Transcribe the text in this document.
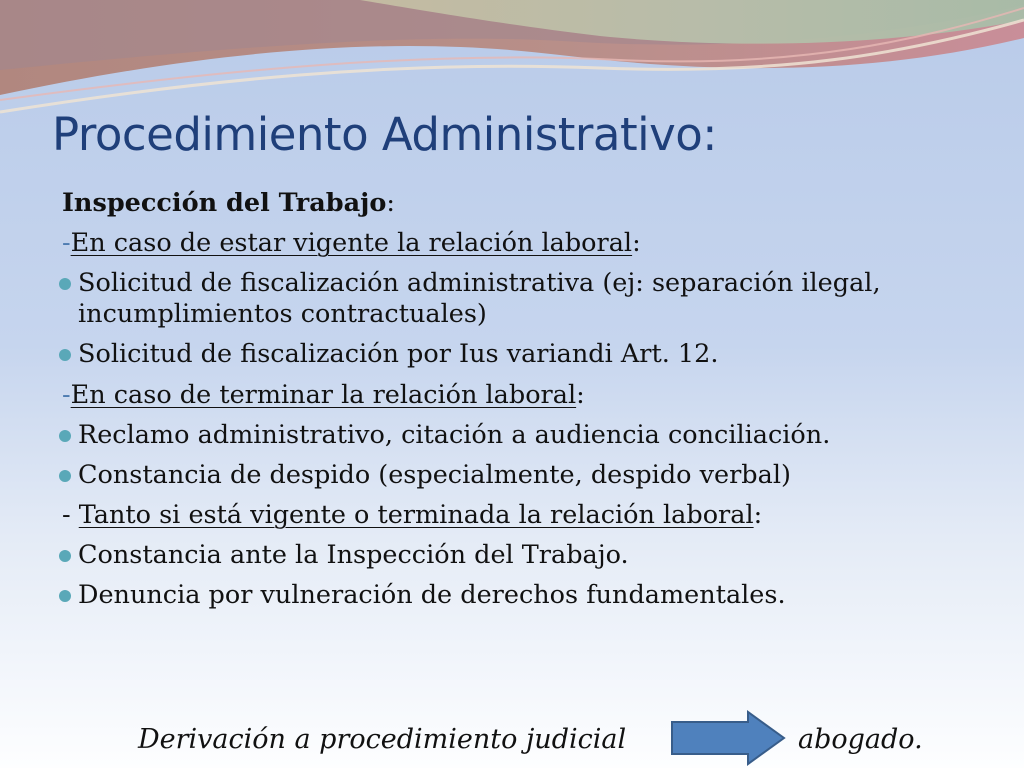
Procedimiento Administrativo:

Inspección del Trabajo:

-En caso de estar vigente la relación laboral:

Solicitud de fiscalización administrativa (ej: separación ilegal, incumplimientos contractuales)

Solicitud de fiscalización por Ius variandi Art. 12.

-En caso de terminar la relación laboral:

Reclamo administrativo, citación a audiencia conciliación.

Constancia de despido (especialmente, despido verbal)

- Tanto si está vigente o terminada la relación laboral:

Constancia ante la Inspección del Trabajo.

Denuncia por vulneración de derechos fundamentales.

Derivación a procedimiento judicial	abogado.
